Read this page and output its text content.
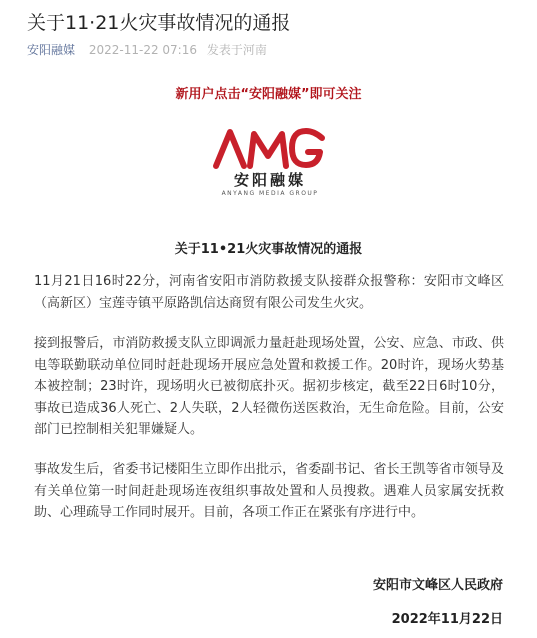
关于11·21火灾事故情况的通报
安阳融媒 2022-11-22 07:16 发表于河南
新用户点击“安阳融媒”即可关注
安阳融媒
ANYANG MEDIA GROUP
关于11•21火灾事故情况的通报

11月21日16时22分，河南省安阳市消防救援支队接群众报警称：安阳市文峰区（高新区）宝莲寺镇平原路凯信达商贸有限公司发生火灾。

接到报警后，市消防救援支队立即调派力量赶赴现场处置，公安、应急、市政、供电等联勤联动单位同时赶赴现场开展应急处置和救援工作。20时许，现场火势基本被控制；23时许，现场明火已被彻底扑灭。据初步核定，截至22日6时10分，事故已造成36人死亡、2人失联，2人轻微伤送医救治，无生命危险。目前，公安部门已控制相关犯罪嫌疑人。

事故发生后，省委书记楼阳生立即作出批示，省委副书记、省长王凯等省市领导及有关单位第一时间赶赴现场连夜组织事故处置和人员搜救。遇难人员家属安抚救助、心理疏导工作同时展开。目前，各项工作正在紧张有序进行中。

安阳市文峰区人民政府
2022年11月22日
